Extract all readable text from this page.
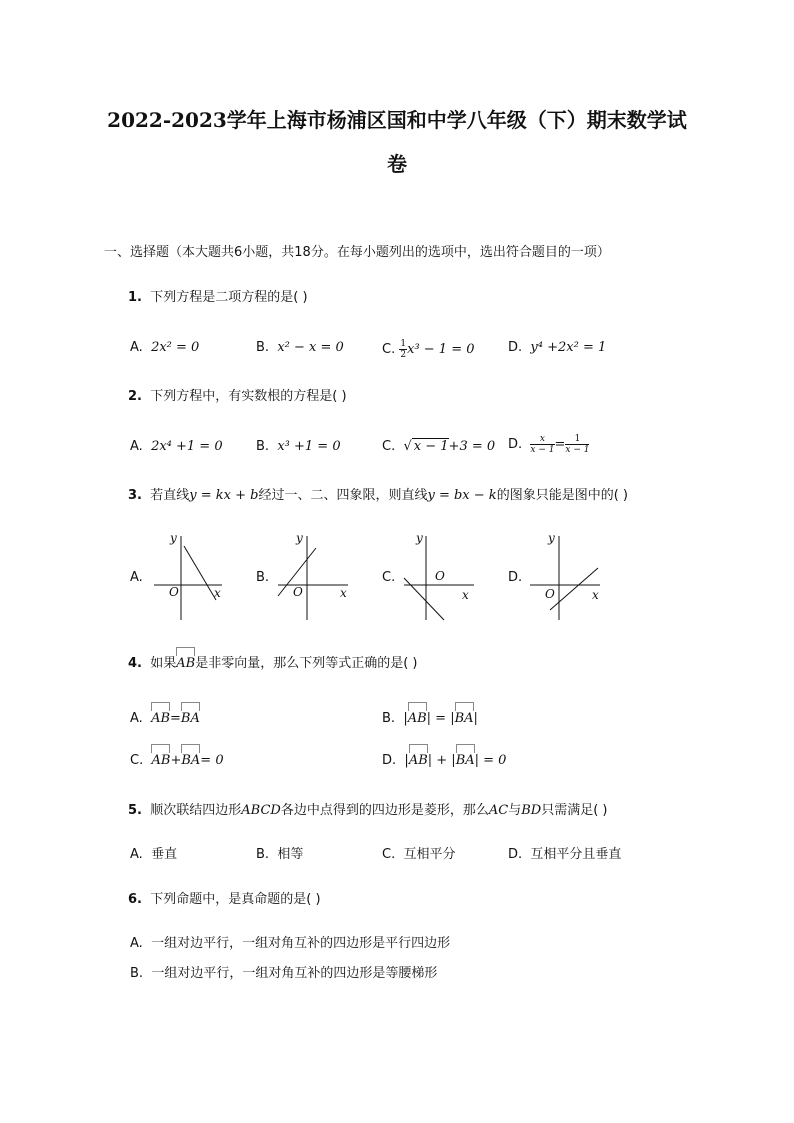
2022-2023学年上海市杨浦区国和中学八年级（下）期末数学试
卷
一、选择题（本大题共6小题，共18分。在每小题列出的选项中，选出符合题目的一项）
1. 下列方程是二项方程的是( )
A. 2x² = 0	B. x² − x = 0	C. $\frac{1}{2} x^3 - 1 = 0$	D. y⁴ +2x² = 1
2. 下列方程中，有实数根的方程是( )
A. 2x⁴ +1 = 0	B. x³ +1 = 0	C. √ x − 1+3 = 0 D. $\frac{x}{x - 1} = \frac{1}{x - 1}$
3. 若直线y = kx + b经过一、二、四象限，则直线y = bx − k的图象只能是图中的( )
A.
y
x
O
B.
y
x
O
C.
y
x
O	D.
y
x
O
4. 如果
AB是非零向量，那么下列等式正确的是( )
A. AB=
BA	B.  |
AB| = |
BA|
C. AB+
BA= 0	D.  |
AB| + |
BA| = 0
5. 顺次联结四边形ABCD各边中点得到的四边形是菱形，那么AC与BD只需满足( )
A. 垂直	B. 相等	C. 互相平分	D. 互相平分且垂直
6. 下列命题中，是真命题的是( )
A. 一组对边平行，一组对角互补的四边形是平行四边形
B. 一组对边平行，一组对角互补的四边形是等腰梯形
